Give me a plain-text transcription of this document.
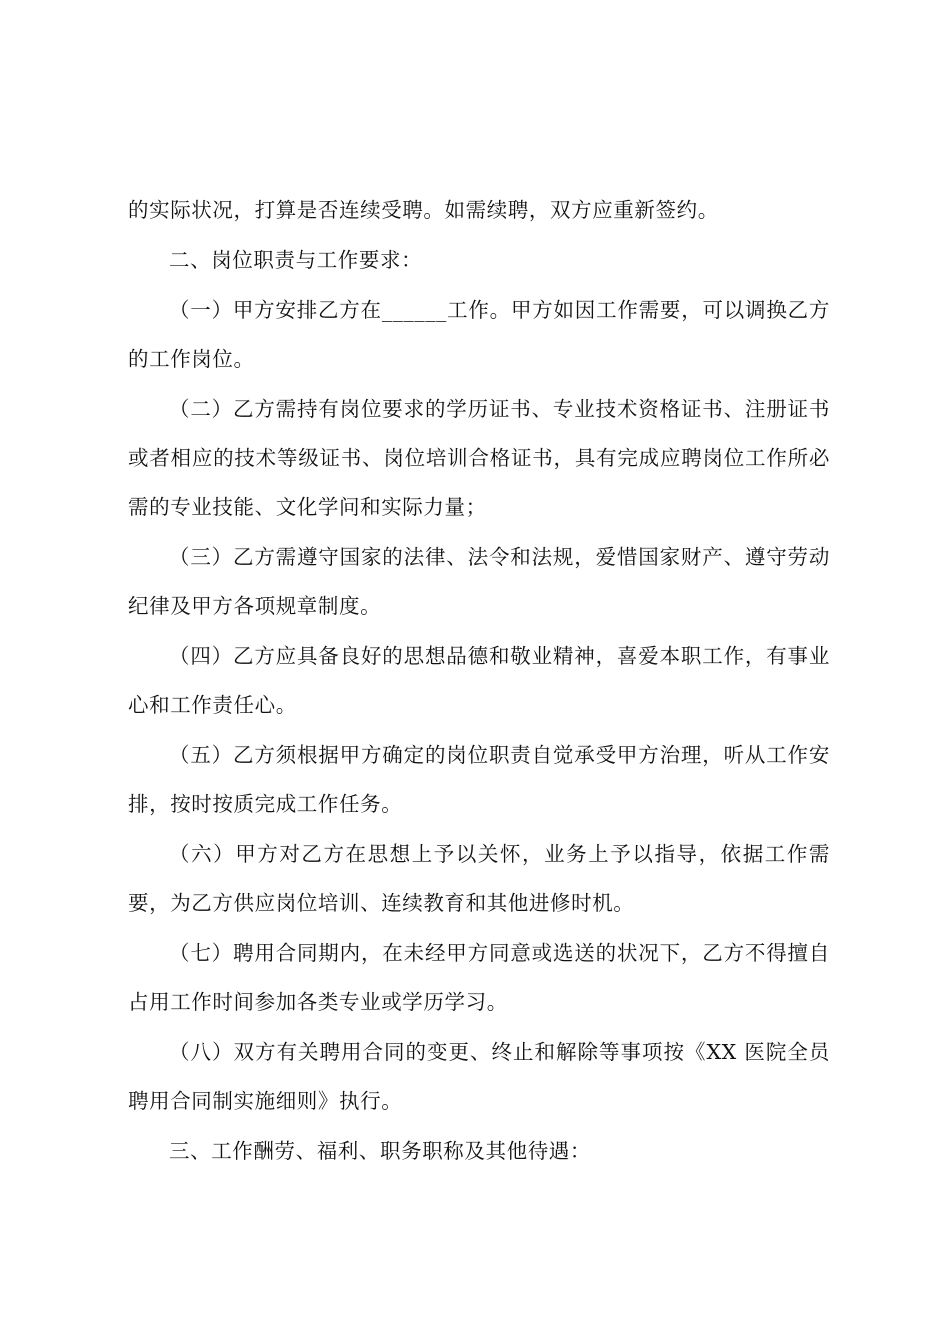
的实际状况，打算是否连续受聘。如需续聘，双方应重新签约。

二、岗位职责与工作要求：

（一）甲方安排乙方在______工作。甲方如因工作需要，可以调换乙方的工作岗位。

（二）乙方需持有岗位要求的学历证书、专业技术资格证书、注册证书或者相应的技术等级证书、岗位培训合格证书，具有完成应聘岗位工作所必需的专业技能、文化学问和实际力量；

（三）乙方需遵守国家的法律、法令和法规，爱惜国家财产、遵守劳动纪律及甲方各项规章制度。

（四）乙方应具备良好的思想品德和敬业精神，喜爱本职工作，有事业心和工作责任心。

（五）乙方须根据甲方确定的岗位职责自觉承受甲方治理，听从工作安排，按时按质完成工作任务。

（六）甲方对乙方在思想上予以关怀，业务上予以指导，依据工作需要，为乙方供应岗位培训、连续教育和其他进修时机。

（七）聘用合同期内，在未经甲方同意或选送的状况下，乙方不得擅自占用工作时间参加各类专业或学历学习。

（八）双方有关聘用合同的变更、终止和解除等事项按《XX 医院全员聘用合同制实施细则》执行。

三、工作酬劳、福利、职务职称及其他待遇：
